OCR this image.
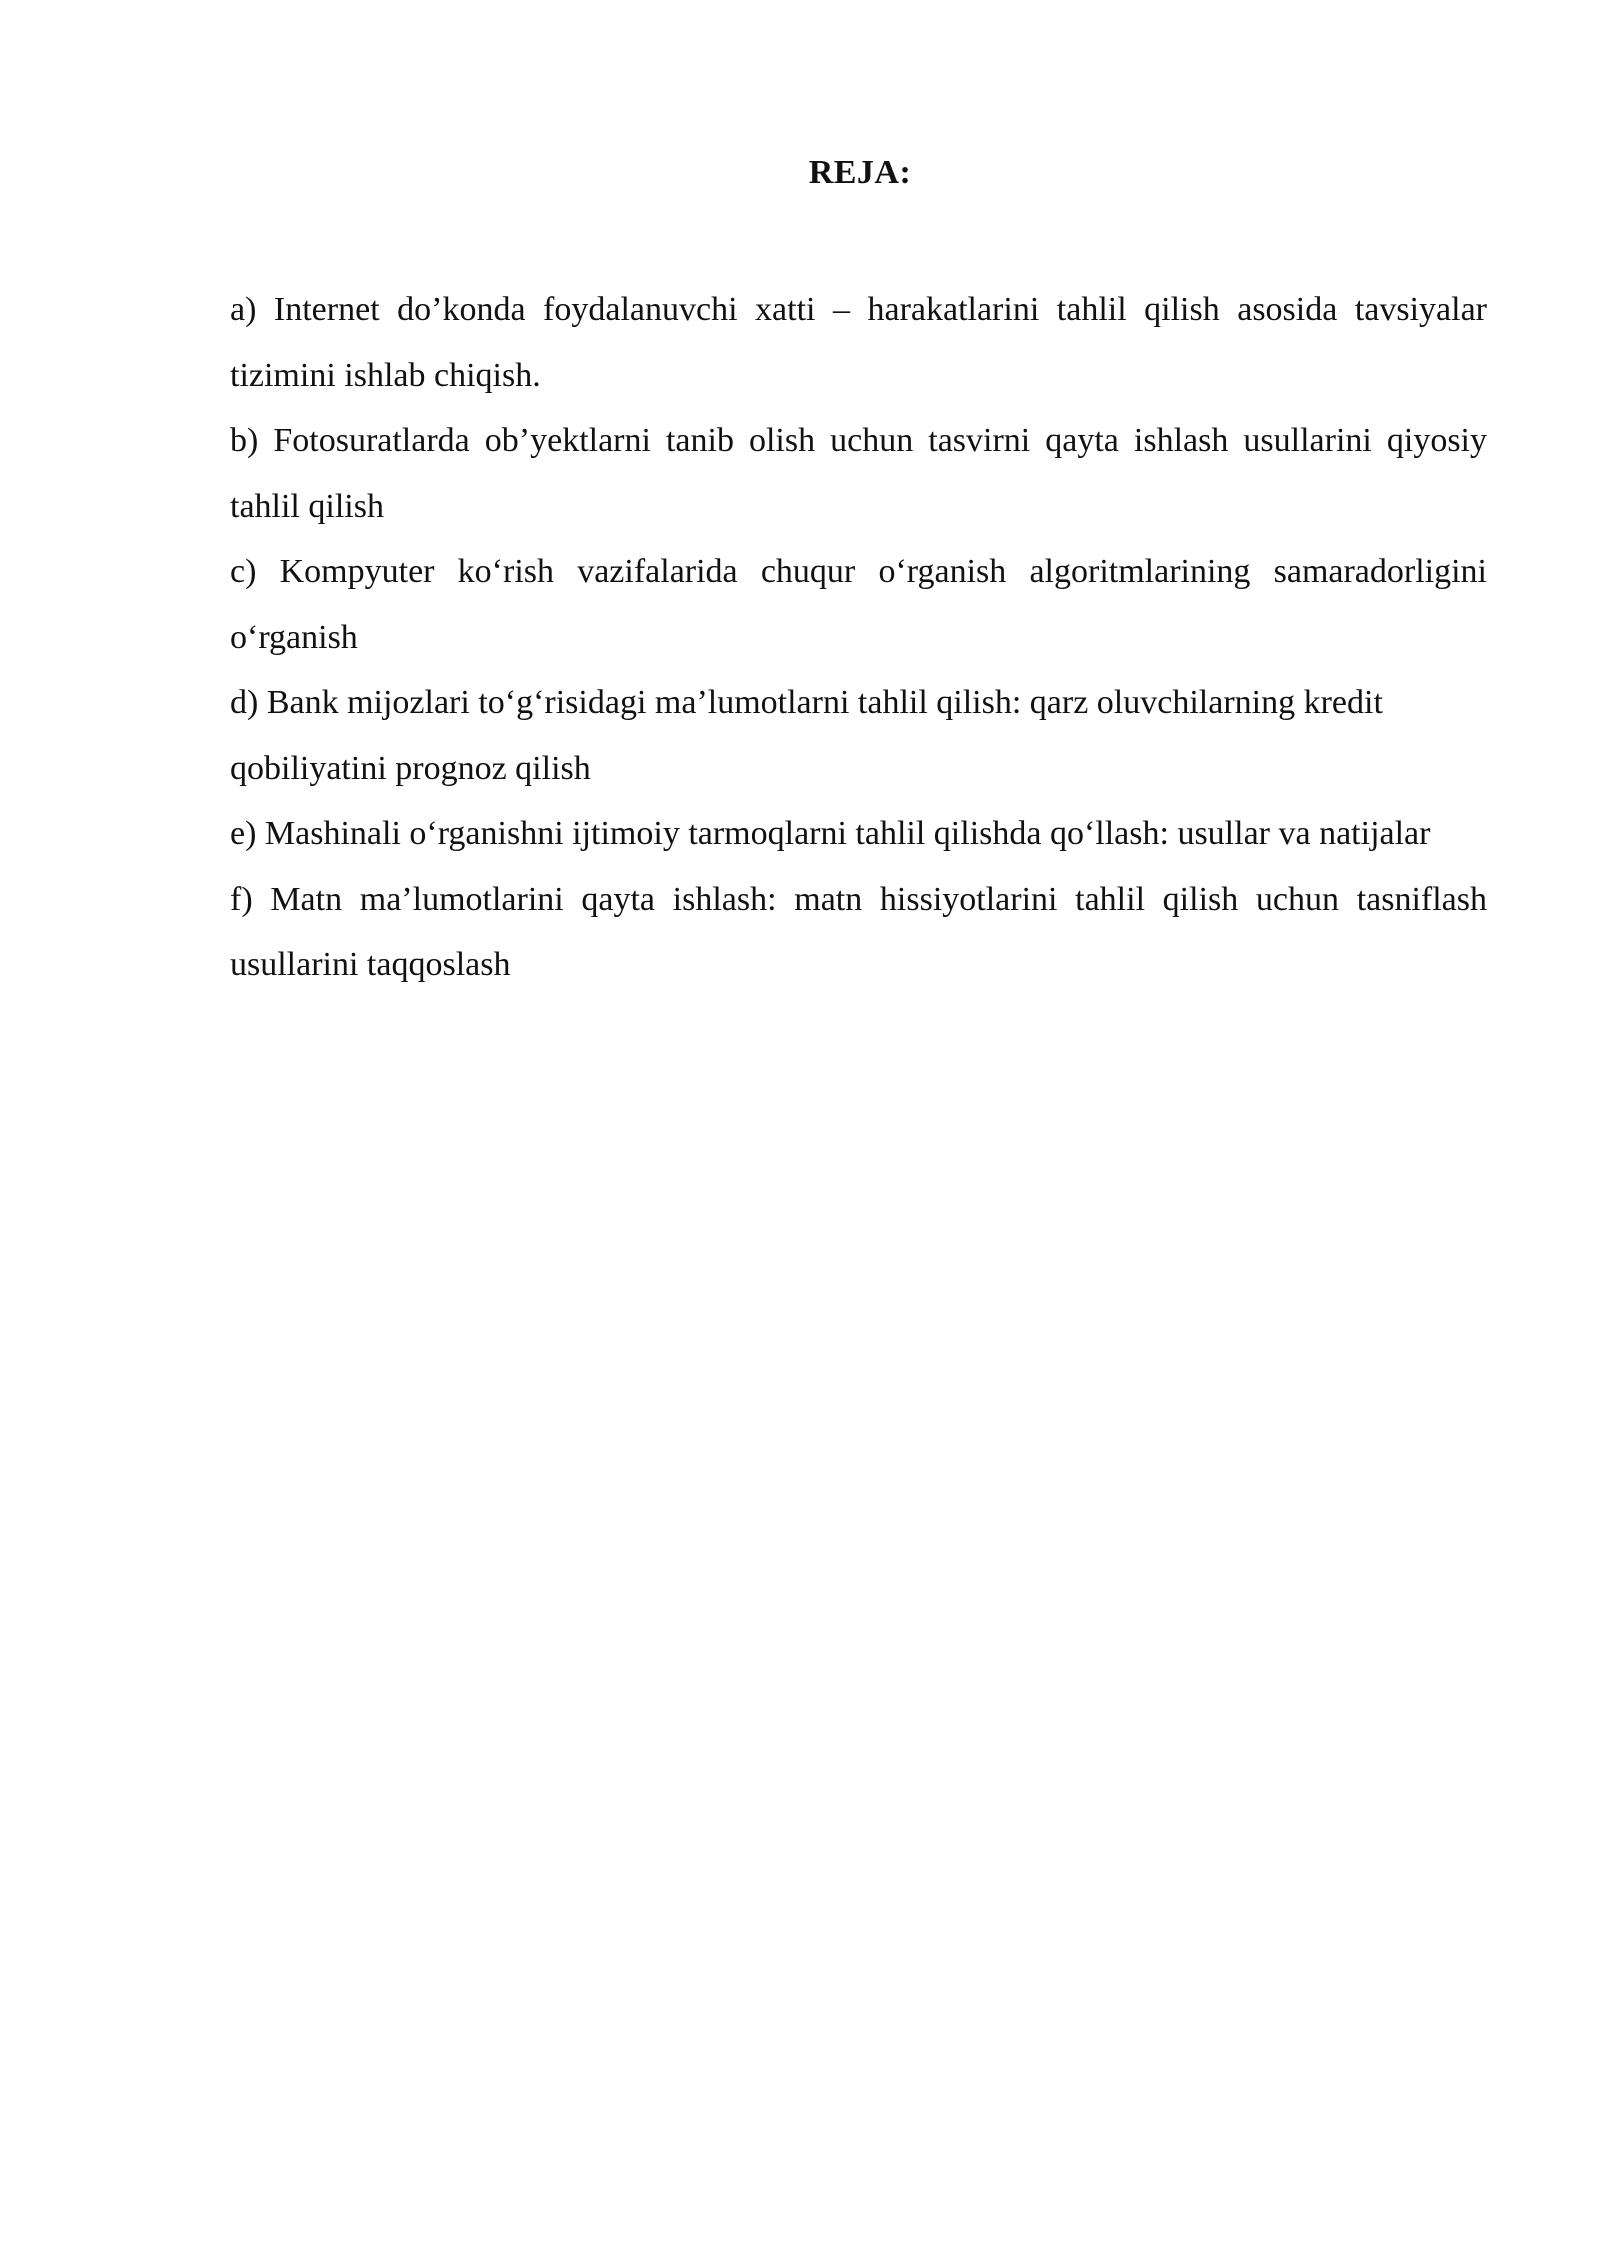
REJA:
a) Internet do’konda foydalanuvchi xatti – harakatlarini tahlil qilish asosida tavsiyalar tizimini ishlab chiqish.
b) Fotosuratlarda ob’yektlarni tanib olish uchun tasvirni qayta ishlash usullarini qiyosiy tahlil qilish
c) Kompyuter ko‘rish vazifalarida chuqur o‘rganish algoritmlarining samaradorligini o‘rganish
d) Bank mijozlari to‘g‘risidagi ma’lumotlarni tahlil qilish: qarz oluvchilarning kredit qobiliyatini prognoz qilish
e) Mashinali o‘rganishni ijtimoiy tarmoqlarni tahlil qilishda qo‘llash: usullar va natijalar
f) Matn ma’lumotlarini qayta ishlash: matn hissiyotlarini tahlil qilish uchun tasniflash usullarini taqqoslash
